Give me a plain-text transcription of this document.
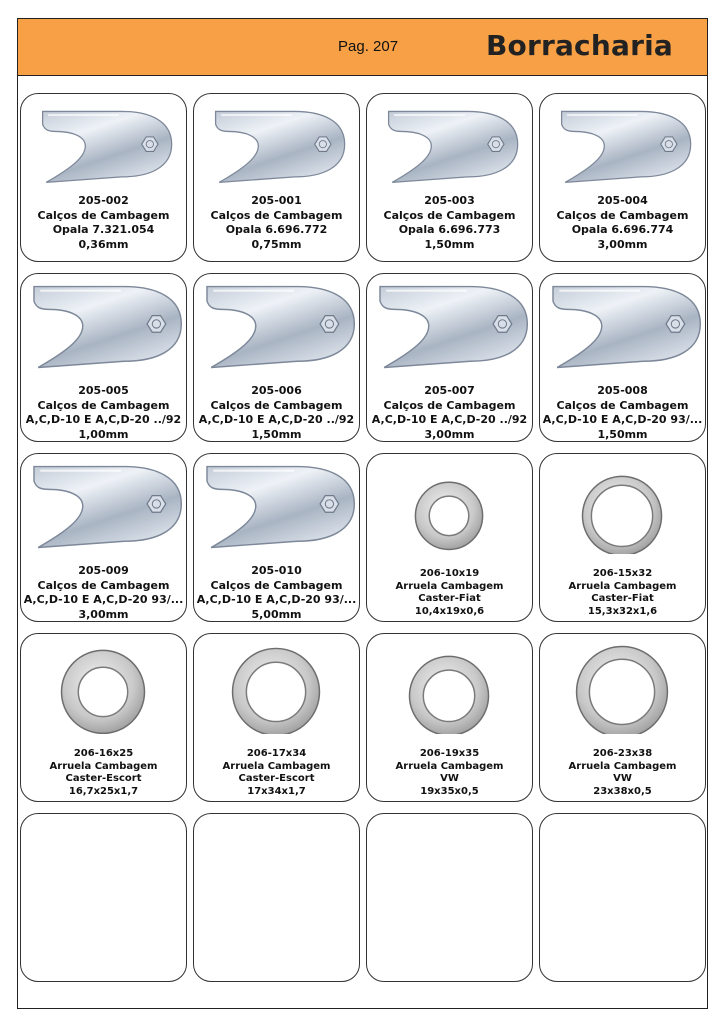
Pag. 207	Borracharia
205-002
Calços de Cambagem
Opala 7.321.054
0,36mm
205-001
Calços de Cambagem
Opala 6.696.772
0,75mm
205-003
Calços de Cambagem
Opala 6.696.773
1,50mm
205-004
Calços de Cambagem
Opala 6.696.774
3,00mm
205-005
Calços de Cambagem
A,C,D-10 E A,C,D-20 ../92
1,00mm
205-006
Calços de Cambagem
A,C,D-10 E A,C,D-20 ../92
1,50mm
205-007
Calços de Cambagem
A,C,D-10 E A,C,D-20 ../92
3,00mm
205-008
Calços de Cambagem
A,C,D-10 E A,C,D-20 93/...
1,50mm
205-009
Calços de Cambagem
A,C,D-10 E A,C,D-20 93/...
3,00mm
205-010
Calços de Cambagem
A,C,D-10 E A,C,D-20 93/...
5,00mm
206-10x19
Arruela Cambagem
Caster-Fiat
10,4x19x0,6
206-15x32
Arruela Cambagem
Caster-Fiat
15,3x32x1,6
206-16x25
Arruela Cambagem
Caster-Escort
16,7x25x1,7
206-17x34
Arruela Cambagem
Caster-Escort
17x34x1,7
206-19x35
Arruela Cambagem
VW
19x35x0,5
206-23x38
Arruela Cambagem
VW
23x38x0,5
